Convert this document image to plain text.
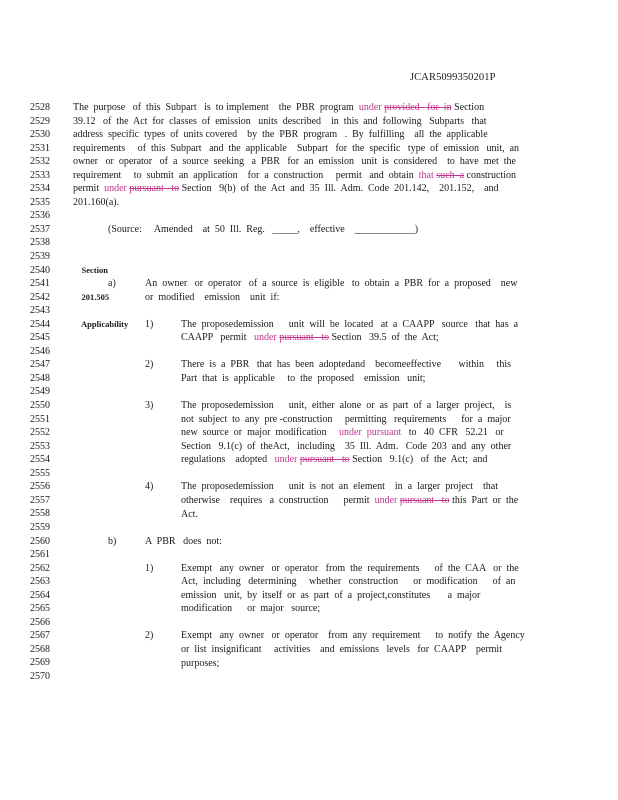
JCAR5099350201P
2528
2529
2530
2531
2532
2533
2534
2535
2536
2537
2538
2539
2540
2541
2542
2543
2544
2545
2546
2547
2548
2549
2550
2551
2552
2553
2554
2555
2556
2557
2558
2559
2560
2561
2562
2563
2564
2565
2566
2567
2568
2569
2570
The  purpose   of  this  Subpart   is  to implement    the  PBR  program  under provided   for  in Section
39.12   of  the  Act  for  classes  of  emission   units  described    in  this  and  following   Subparts   that
address  specific  types  of  units covered    by  the  PBR  program   .  By  fulfilling    all  the  applicable
requirements     of  this  Subpart   and  the  applicable    Subpart   for  the  specific   type  of  emission   unit,  an
owner   or  operator   of  a  source  seeking   a  PBR   for  an  emission   unit  is  considered    to  have  met  the
requirement     to  submit  an  application    for  a  construction     permit   and  obtain  that such  a construction
permit  under pursuant   to Section   9(b)  of  the  Act  and  35  Ill.  Adm.  Code  201.142,    201.152,    and
201.160(a).
(Source:     Amended    at  50  Ill.  Reg.   _____,    effective    ____________)

Section

201.505

Applicability

a)	An  owner   or  operator   of  a  source  is  eligible   to  obtain  a  PBR  for  a  proposed    new
or  modified    emission    unit  if:
1)	The  proposedemission      unit  will  be  located   at  a  CAAPP   source   that  has  a
CAAPP   permit   under pursuant   to Section   39.5  of  the  Act;
2)	There  is  a  PBR   that  has  been  adoptedand    becomeeffective       within     this
Part  that  is  applicable     to  the  proposed    emission   unit;
3)	The  proposedemission      unit,  either  alone  or  as  part  of  a  larger  project,    is
not  subject  to  any  pre -construction     permitting   requirements      for  a  major
new  source  or  major  modification     under  pursuant   to   40  CFR   52.21   or
Section   9.1(c)  of  theAct,   including    35  Ill.  Adm.   Code  203  and  any  other
regulations    adopted   under pursuant   to Section   9.1(c)   of  the  Act;  and
4)	The  proposedemission      unit  is  not  an  element    in  a  larger  project    that
otherwise    requires   a  construction      permit  under pursuant   to this  Part  or  the
Act.
b)	A  PBR   does  not:
1)	Exempt   any  owner   or  operator   from  the  requirements      of  the  CAA   or  the
Act,  including   determining     whether   construction      or  modification      of  an
emission   unit,  by  itself  or  as  part  of  a  project,constitutes       a  major
modification      or  major   source;
2)	Exempt   any  owner   or  operator    from  any  requirement      to  notify  the  Agency
or  list  insignificant     activities    and  emissions   levels   for  CAAPP    permit
purposes;
